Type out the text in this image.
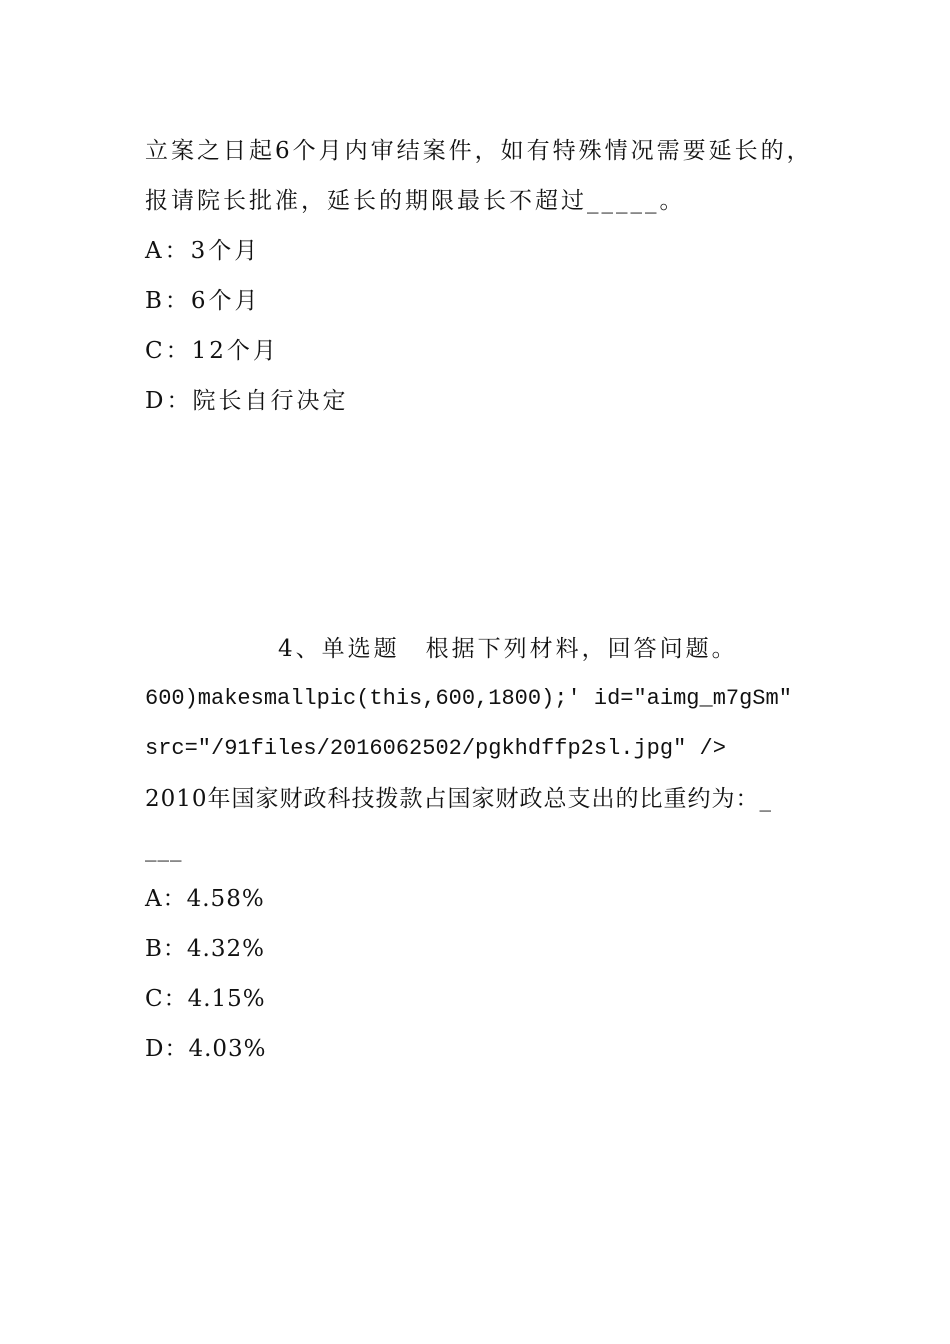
立案之日起6个月内审结案件，如有特殊情况需要延长的，
报请院长批准，延长的期限最长不超过_____。
A：3个月
B：6个月
C：12个月
D：院长自行决定
4、单选题　根据下列材料，回答问题。
600)makesmallpic(this,600,1800);' id="aimg_m7gSm"
src="/91files/2016062502/pgkhdffp2sl.jpg" />
2010年国家财政科技拨款占国家财政总支出的比重约为：_
___
A：4.58%
B：4.32%
C：4.15%
D：4.03%
